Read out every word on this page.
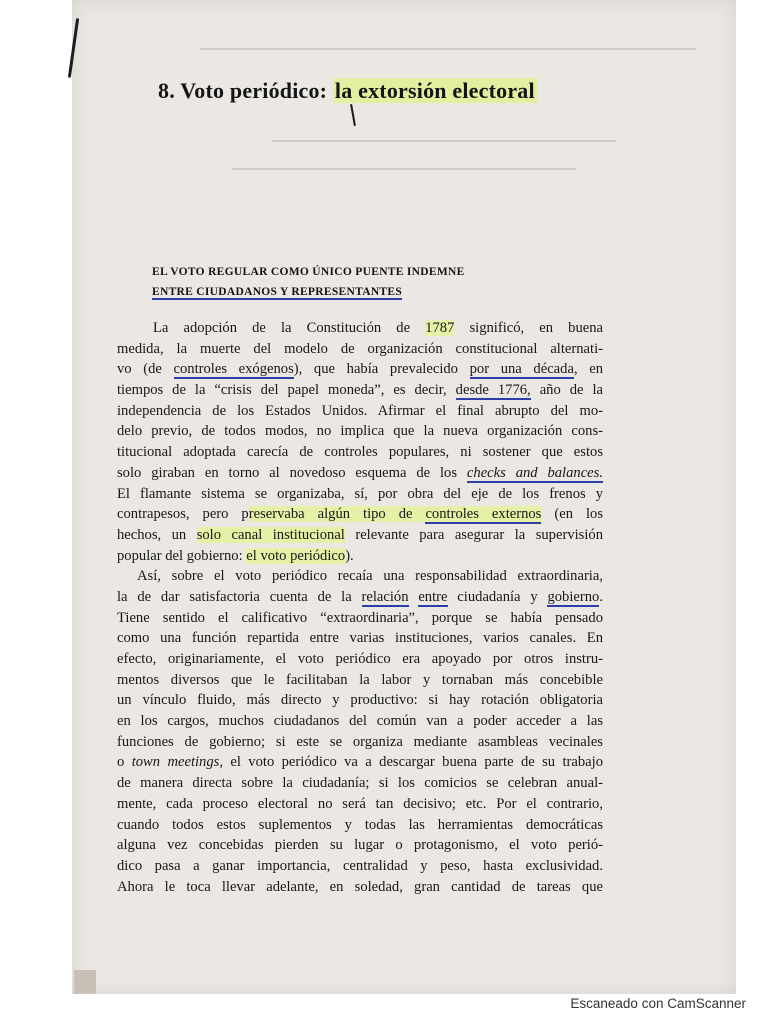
8. Voto periódico: la extorsión electoral
EL VOTO REGULAR COMO ÚNICO PUENTE INDEMNE
ENTRE CIUDADANOS Y REPRESENTANTES
La adopción de la Constitución de 1787 significó, en buena
medida, la muerte del modelo de organización constitucional alternati-
vo (de controles exógenos), que había prevalecido por una década, en
tiempos de la “crisis del papel moneda”, es decir, desde 1776, año de la
independencia de los Estados Unidos. Afirmar el final abrupto del mo-
delo previo, de todos modos, no implica que la nueva organización cons-
titucional adoptada carecía de controles populares, ni sostener que estos
solo giraban en torno al novedoso esquema de los checks and balances.
El flamante sistema se organizaba, sí, por obra del eje de los frenos y
contrapesos, pero preservaba algún tipo de controles externos (en los
hechos, un solo canal institucional relevante para asegurar la supervisión
popular del gobierno: el voto periódico).
Así, sobre el voto periódico recaía una responsabilidad extraordinaria,
la de dar satisfactoria cuenta de la relación entre ciudadanía y gobierno.
Tiene sentido el calificativo “extraordinaria”, porque se había pensado
como una función repartida entre varias instituciones, varios canales. En
efecto, originariamente, el voto periódico era apoyado por otros instru-
mentos diversos que le facilitaban la labor y tornaban más concebible
un vínculo fluido, más directo y productivo: si hay rotación obligatoria
en los cargos, muchos ciudadanos del común van a poder acceder a las
funciones de gobierno; si este se organiza mediante asambleas vecinales
o town meetings, el voto periódico va a descargar buena parte de su trabajo
de manera directa sobre la ciudadanía; si los comicios se celebran anual-
mente, cada proceso electoral no será tan decisivo; etc. Por el contrario,
cuando todos estos suplementos y todas las herramientas democráticas
alguna vez concebidas pierden su lugar o protagonismo, el voto perió-
dico pasa a ganar importancia, centralidad y peso, hasta exclusividad.
Ahora le toca llevar adelante, en soledad, gran cantidad de tareas que
Escaneado con CamScanner
